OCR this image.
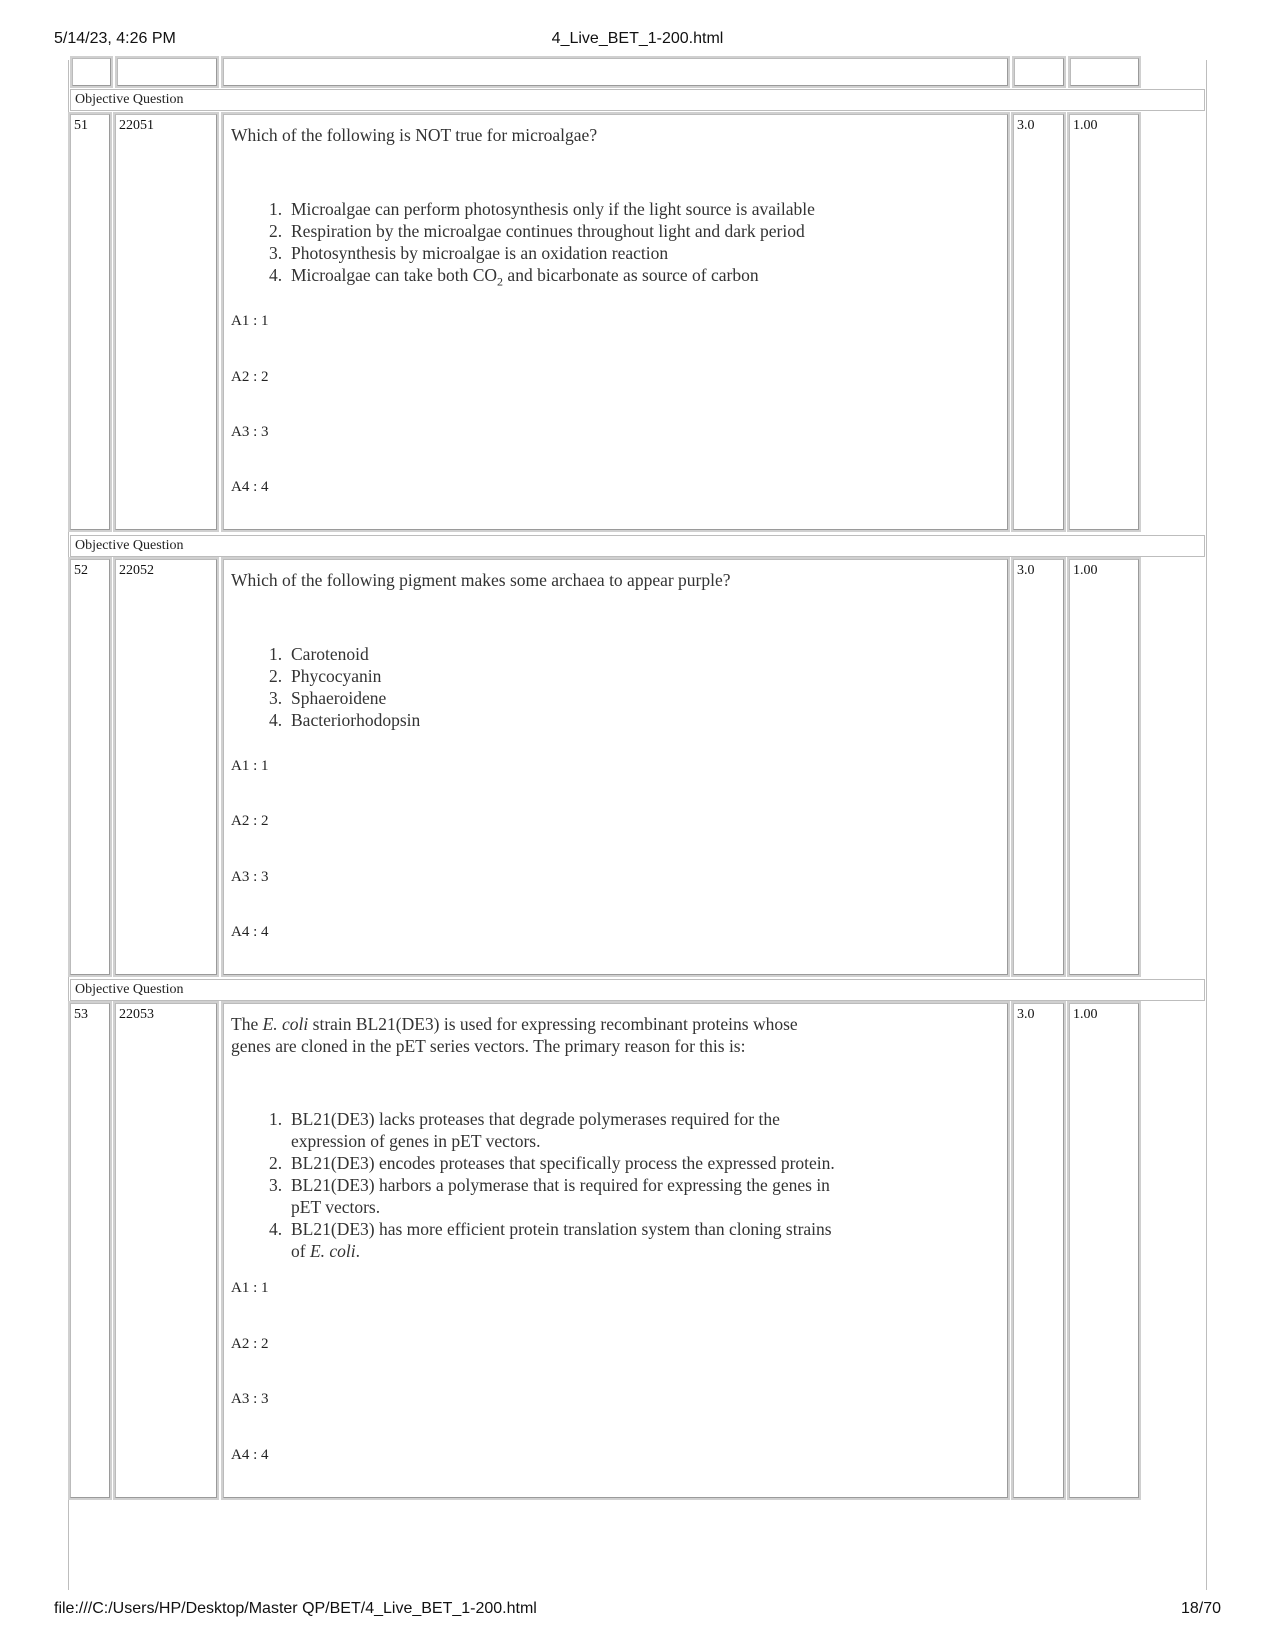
5/14/23, 4:26 PM	4_Live_BET_1-200.html
Objective Question
51	22051	Which of the following is NOT true for microalgae?
1. Microalgae can perform photosynthesis only if the light source is available
2. Respiration by the microalgae continues throughout light and dark period
3. Photosynthesis by microalgae is an oxidation reaction
4. Microalgae can take both $CO_2$ and bicarbonate as source of carbon
A1 : 1
A2 : 2
A3 : 3
A4 : 4
3.0	1.00
Objective Question
52	22052	Which of the following pigment makes some archaea to appear purple?
1. Carotenoid
2. Phycocyanin
3. Sphaeroidene
4. Bacteriorhodopsin
A1 : 1
A2 : 2
A3 : 3
A4 : 4
3.0	1.00
Objective Question
53	22053	The E. coli strain BL21(DE3) is used for expressing recombinant proteins whose genes are cloned in the pET series vectors. The primary reason for this is:
1. BL21(DE3) lacks proteases that degrade polymerases required for the expression of genes in pET vectors.
2. BL21(DE3) encodes proteases that specifically process the expressed protein.
3. BL21(DE3) harbors a polymerase that is required for expressing the genes in pET vectors.
4. BL21(DE3) has more efficient protein translation system than cloning strains of E. coli.
A1 : 1
A2 : 2
A3 : 3
A4 : 4
3.0	1.00
file:///C:/Users/HP/Desktop/Master QP/BET/4_Live_BET_1-200.html	18/70
